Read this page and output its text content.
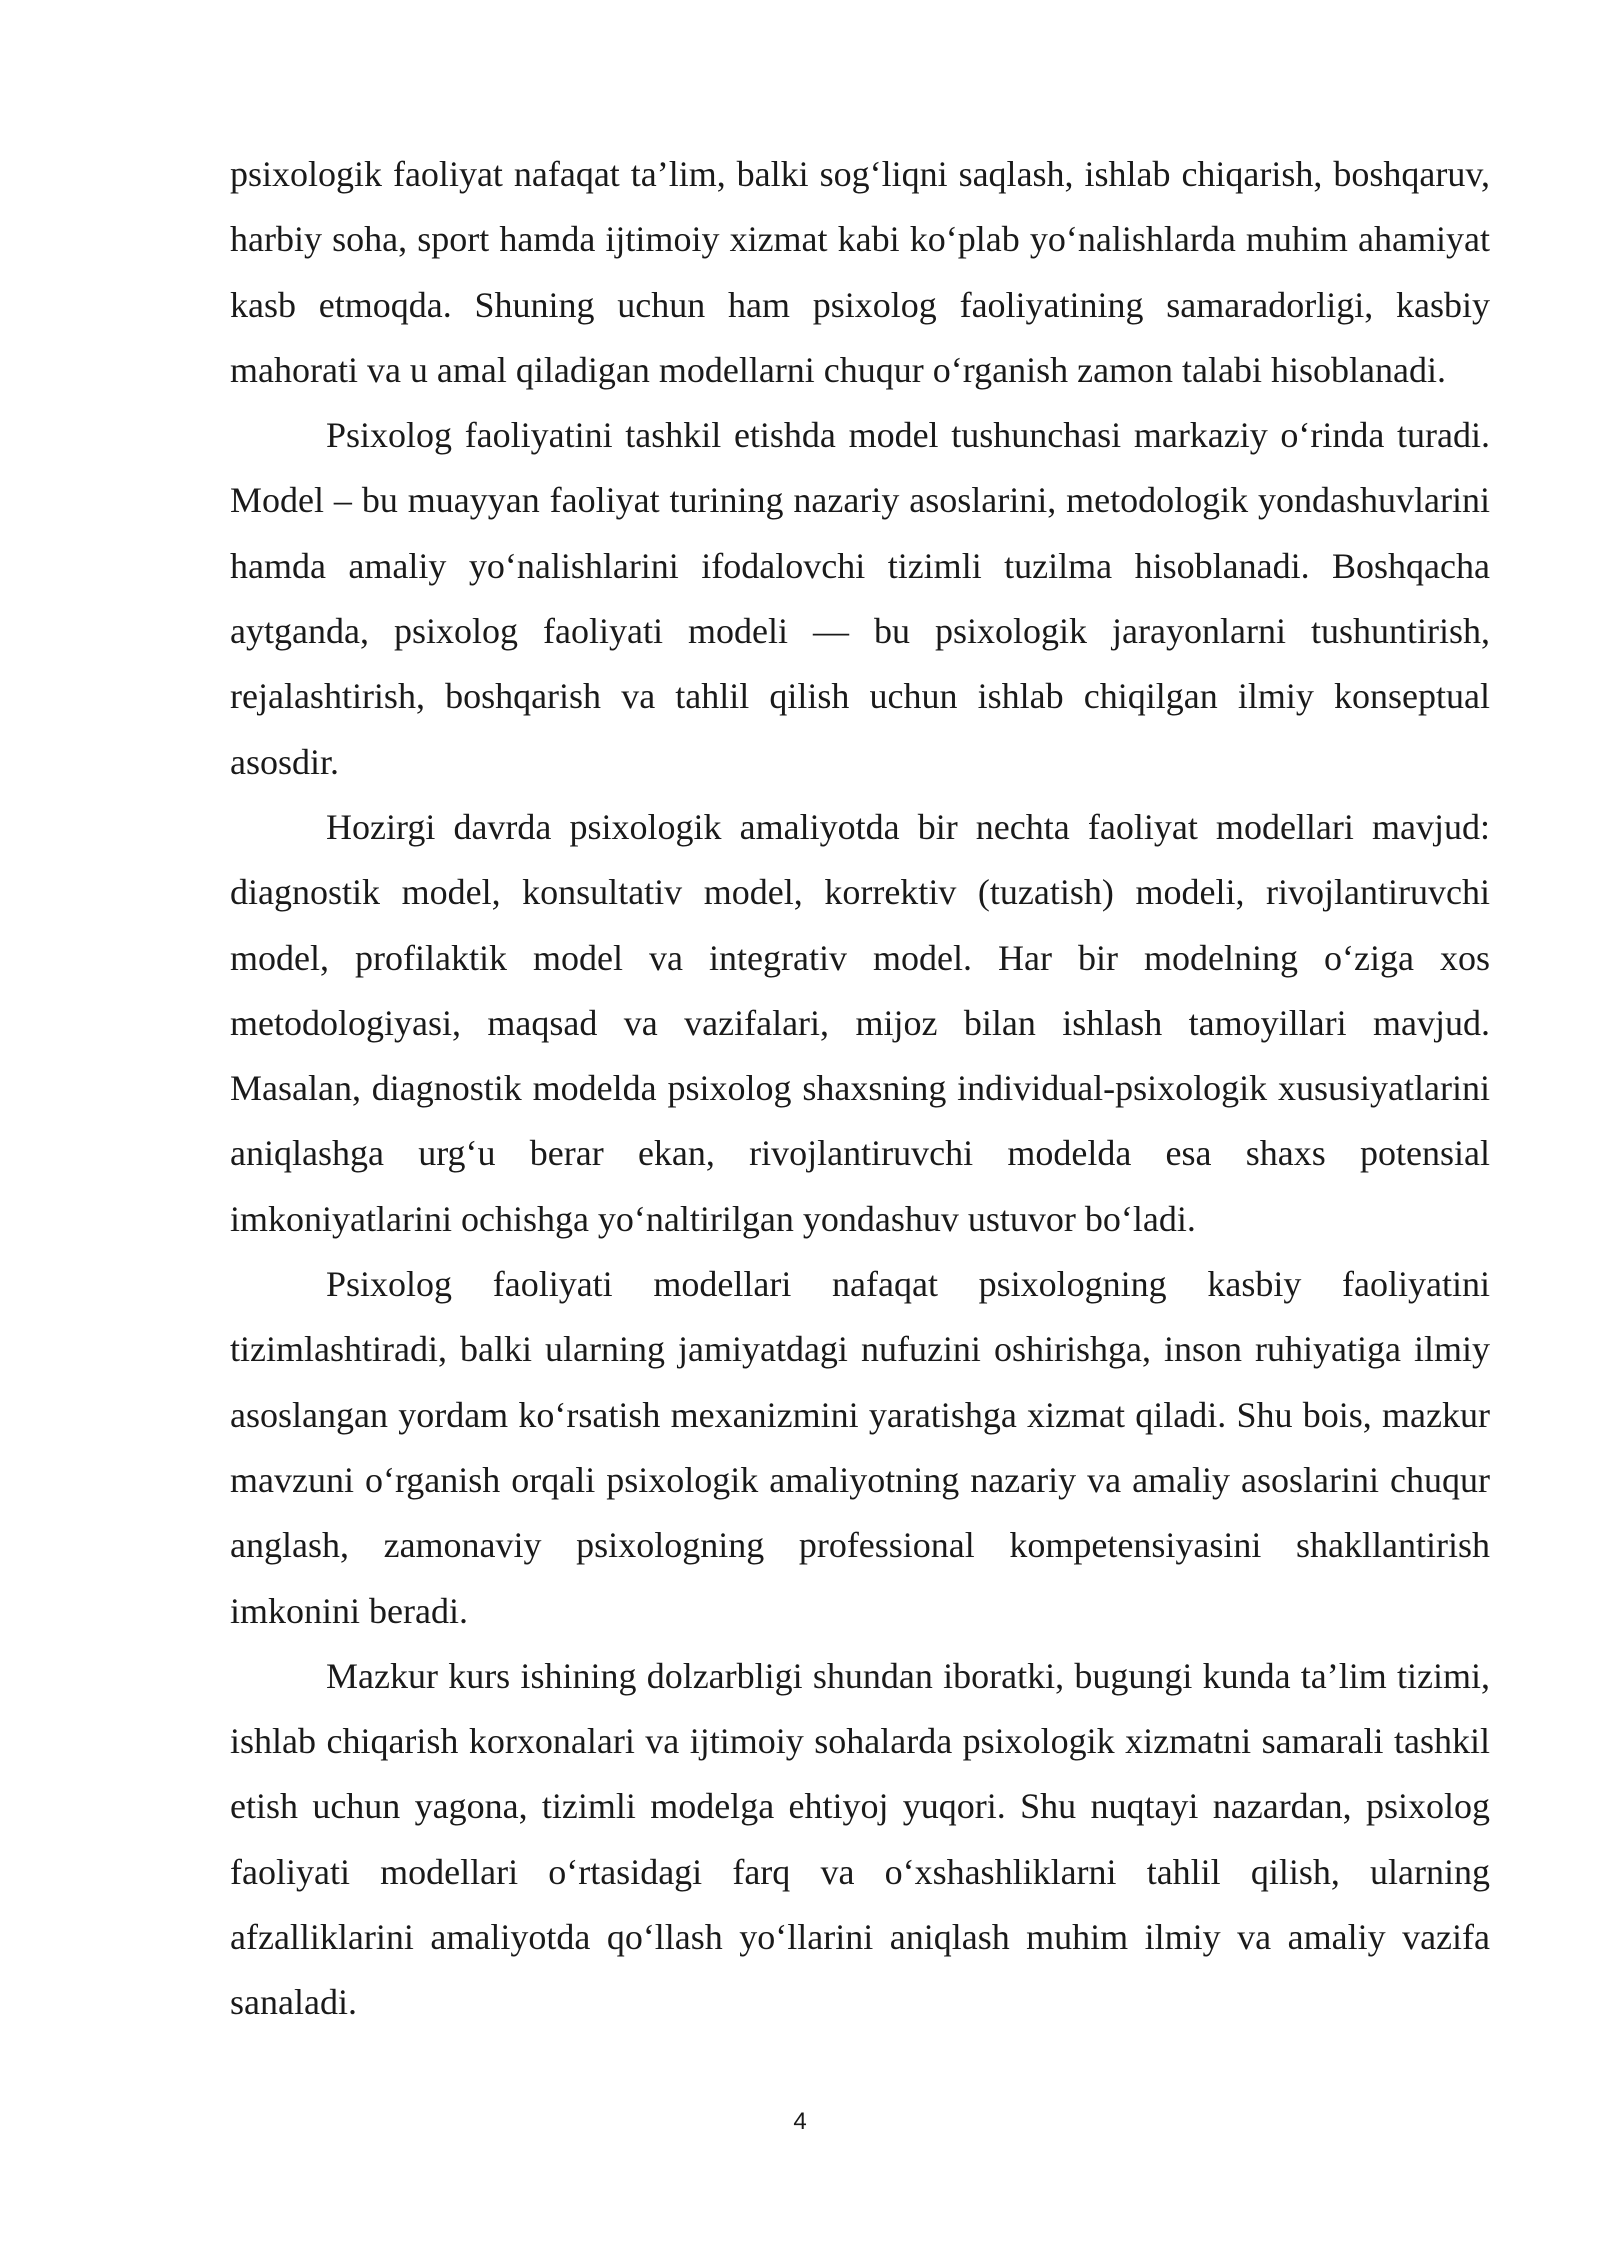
psixologik faoliyat nafaqat ta’lim, balki sog‘liqni saqlash, ishlab chiqarish, boshqaruv, harbiy soha, sport hamda ijtimoiy xizmat kabi ko‘plab yo‘nalishlarda muhim ahamiyat kasb etmoqda. Shuning uchun ham psixolog faoliyatining samaradorligi, kasbiy mahorati va u amal qiladigan modellarni chuqur o‘rganish zamon talabi hisoblanadi.

Psixolog faoliyatini tashkil etishda model tushunchasi markaziy o‘rinda turadi. Model – bu muayyan faoliyat turining nazariy asoslarini, metodologik yondashuvlarini hamda amaliy yo‘nalishlarini ifodalovchi tizimli tuzilma hisoblanadi. Boshqacha aytganda, psixolog faoliyati modeli — bu psixologik jarayonlarni tushuntirish, rejalashtirish, boshqarish va tahlil qilish uchun ishlab chiqilgan ilmiy konseptual asosdir.

Hozirgi davrda psixologik amaliyotda bir nechta faoliyat modellari mavjud: diagnostik model, konsultativ model, korrektiv (tuzatish) modeli, rivojlantiruvchi model, profilaktik model va integrativ model. Har bir modelning o‘ziga xos metodologiyasi, maqsad va vazifalari, mijoz bilan ishlash tamoyillari mavjud. Masalan, diagnostik modelda psixolog shaxsning individual-psixologik xususiyatlarini aniqlashga urg‘u berar ekan, rivojlantiruvchi modelda esa shaxs potensial imkoniyatlarini ochishga yo‘naltirilgan yondashuv ustuvor bo‘ladi.

Psixolog faoliyati modellari nafaqat psixologning kasbiy faoliyatini tizimlashtiradi, balki ularning jamiyatdagi nufuzini oshirishga, inson ruhiyatiga ilmiy asoslangan yordam ko‘rsatish mexanizmini yaratishga xizmat qiladi. Shu bois, mazkur mavzuni o‘rganish orqali psixologik amaliyotning nazariy va amaliy asoslarini chuqur anglash, zamonaviy psixologning professional kompetensiyasini shakllantirish imkonini beradi.

Mazkur kurs ishining dolzarbligi shundan iboratki, bugungi kunda ta’lim tizimi, ishlab chiqarish korxonalari va ijtimoiy sohalarda psixologik xizmatni samarali tashkil etish uchun yagona, tizimli modelga ehtiyoj yuqori. Shu nuqtayi nazardan, psixolog faoliyati modellari o‘rtasidagi farq va o‘xshashliklarni tahlil qilish, ularning afzalliklarini amaliyotda qo‘llash yo‘llarini aniqlash muhim ilmiy va amaliy vazifa sanaladi.

4
